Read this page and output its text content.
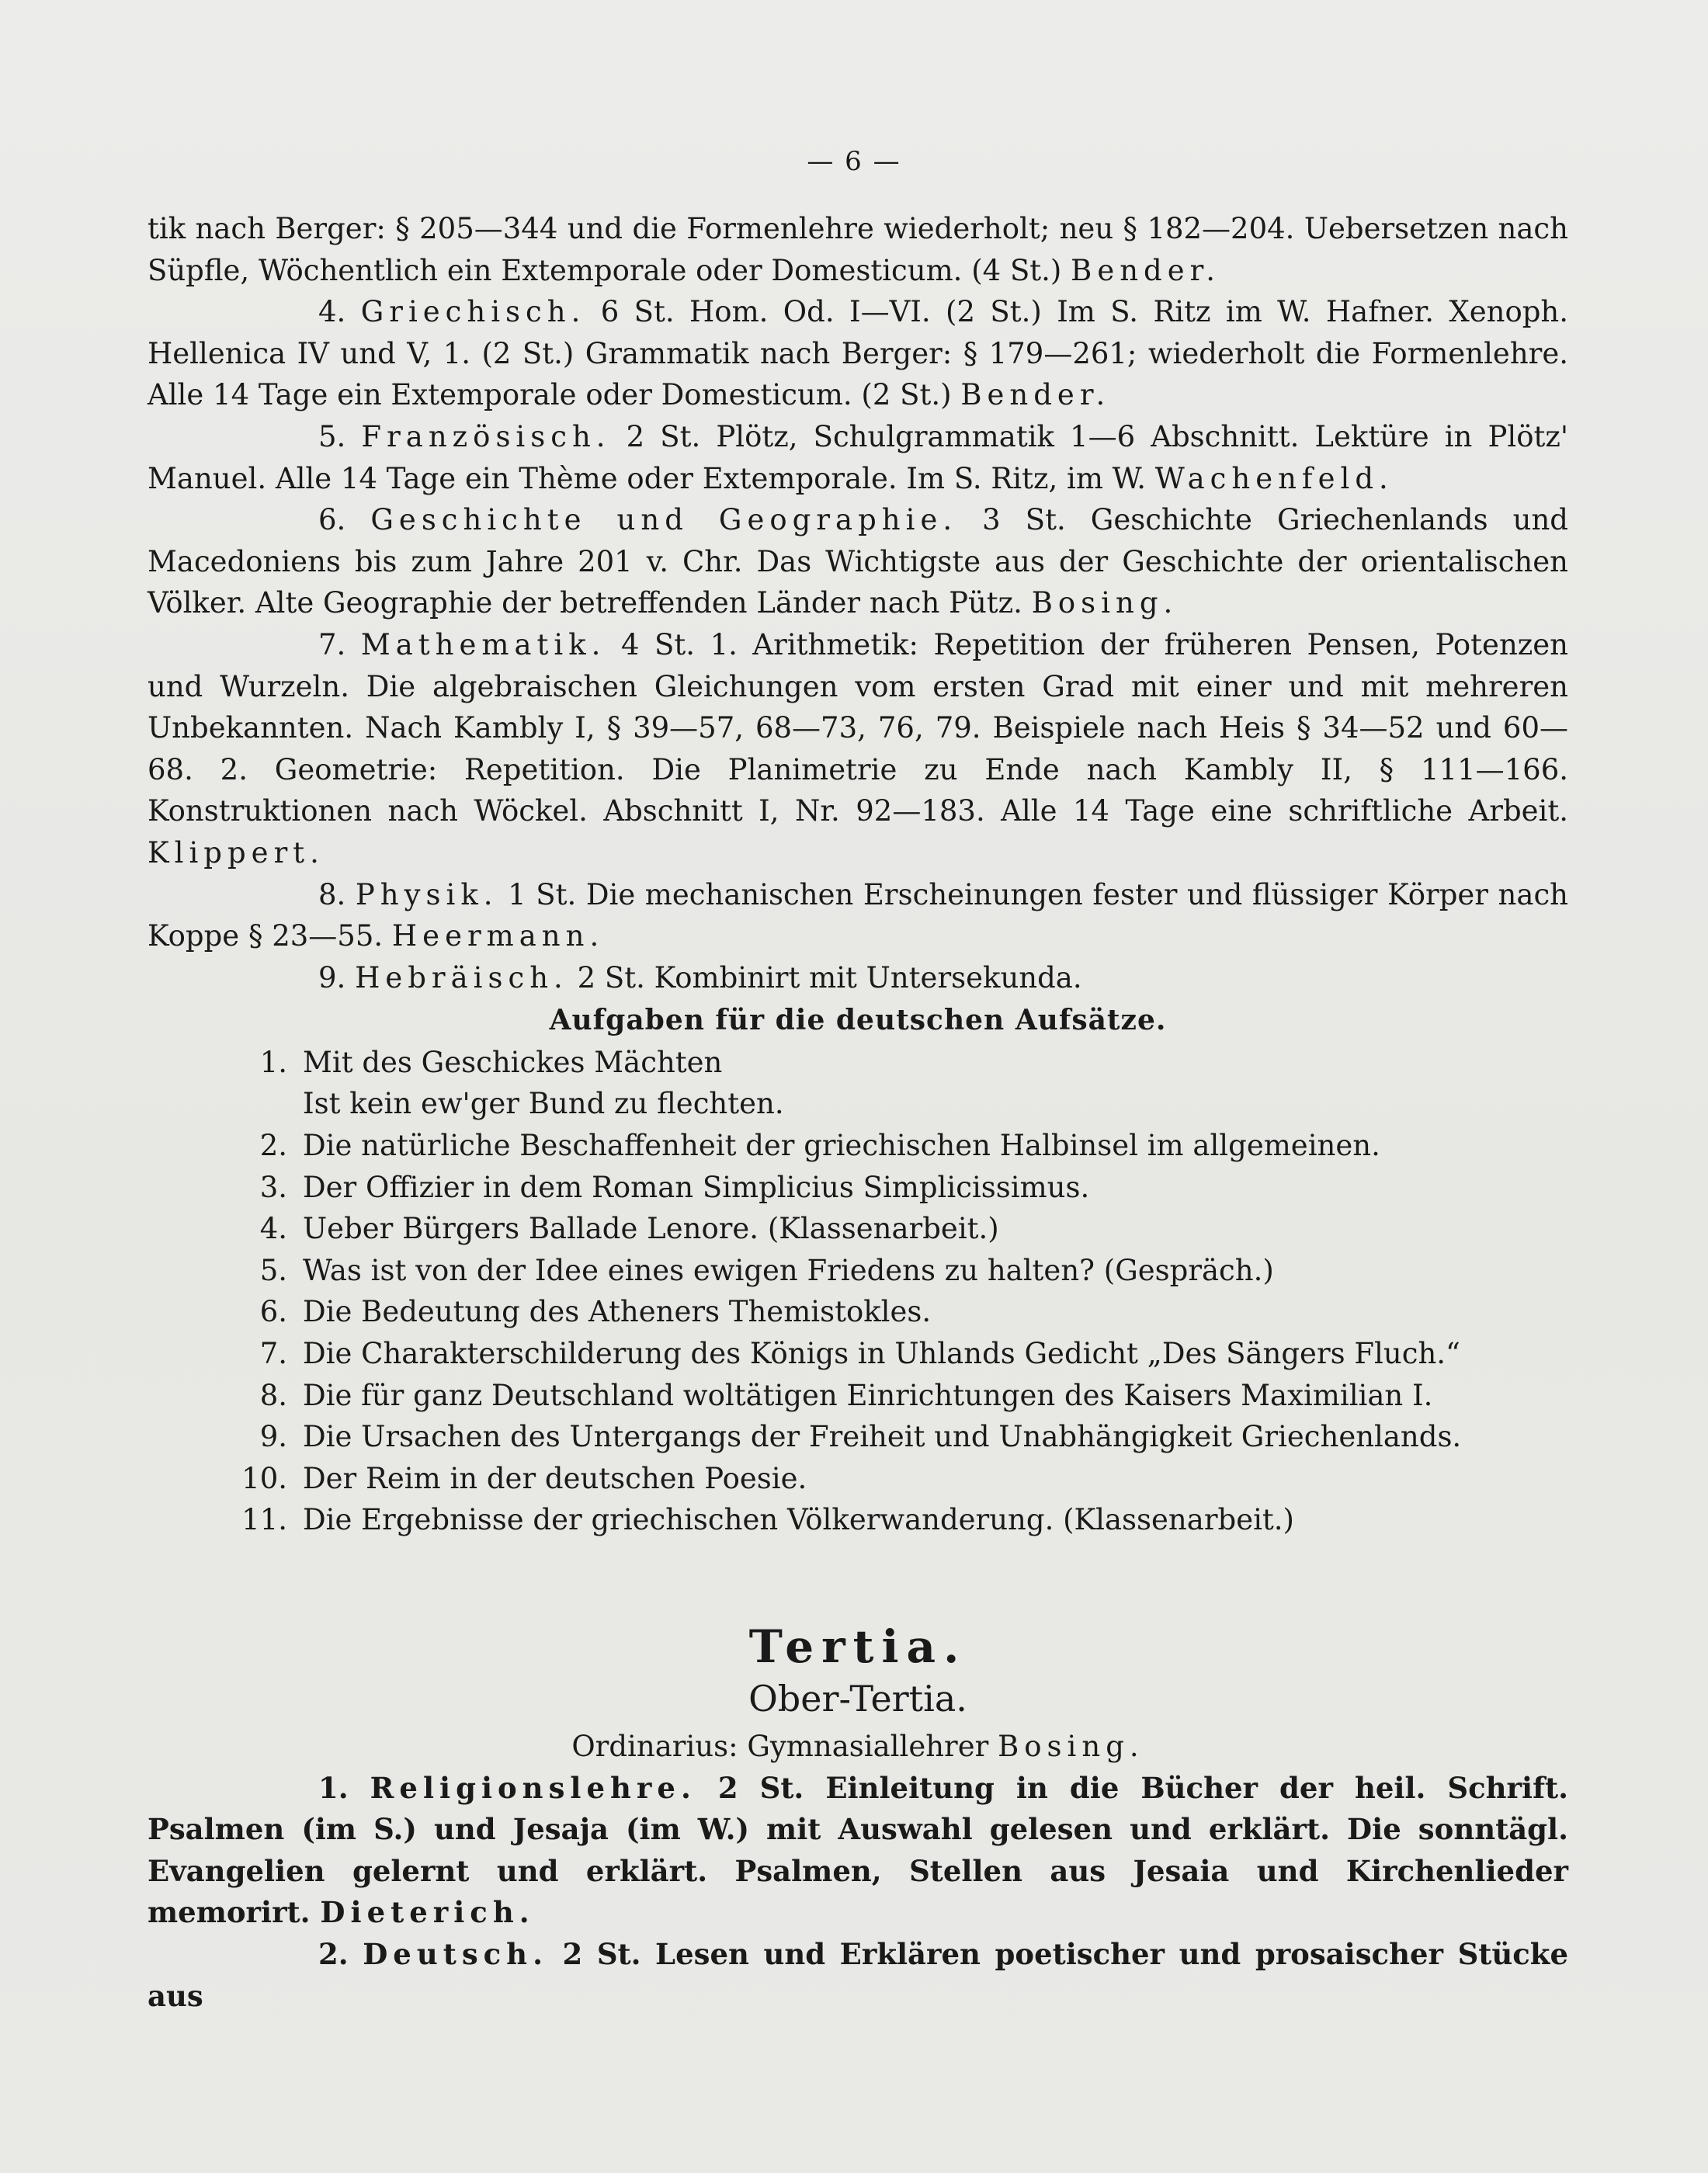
— 6 —

tik nach Berger: § 205—344 und die Formenlehre wiederholt; neu § 182—204. Uebersetzen nach Süpfle, Wöchentlich ein Extemporale oder Domesticum. (4 St.) Bender.

4. Griechisch. 6 St. Hom. Od. I—VI. (2 St.) Im S. Ritz im W. Hafner. Xenoph. Hellenica IV und V, 1. (2 St.) Grammatik nach Berger: § 179—261; wiederholt die Formenlehre. Alle 14 Tage ein Extemporale oder Domesticum. (2 St.) Bender.

5. Französisch. 2 St. Plötz, Schulgrammatik 1—6 Abschnitt. Lektüre in Plötz' Manuel. Alle 14 Tage ein Thème oder Extemporale. Im S. Ritz, im W. Wachenfeld.

6. Geschichte und Geographie. 3 St. Geschichte Griechenlands und Macedoniens bis zum Jahre 201 v. Chr. Das Wichtigste aus der Geschichte der orientalischen Völker. Alte Geographie der betreffenden Länder nach Pütz. Bosing.

7. Mathematik. 4 St. 1. Arithmetik: Repetition der früheren Pensen, Potenzen und Wurzeln. Die algebraischen Gleichungen vom ersten Grad mit einer und mit mehreren Unbekannten. Nach Kambly I, § 39—57, 68—73, 76, 79. Beispiele nach Heis § 34—52 und 60—68. 2. Geometrie: Repetition. Die Planimetrie zu Ende nach Kambly II, § 111—166. Konstruktionen nach Wöckel. Abschnitt I, Nr. 92—183. Alle 14 Tage eine schriftliche Arbeit. Klippert.

8. Physik. 1 St. Die mechanischen Erscheinungen fester und flüssiger Körper nach Koppe § 23—55. Heermann.

9. Hebräisch. 2 St. Kombinirt mit Untersekunda.

Aufgaben für die deutschen Aufsätze.
1. Mit des Geschickes Mächten
Ist kein ew'ger Bund zu flechten.
2. Die natürliche Beschaffenheit der griechischen Halbinsel im allgemeinen.
3. Der Offizier in dem Roman Simplicius Simplicissimus.
4. Ueber Bürgers Ballade Lenore. (Klassenarbeit.)
5. Was ist von der Idee eines ewigen Friedens zu halten? (Gespräch.)
6. Die Bedeutung des Atheners Themistokles.
7. Die Charakterschilderung des Königs in Uhlands Gedicht „Des Sängers Fluch.“
8. Die für ganz Deutschland woltätigen Einrichtungen des Kaisers Maximilian I.
9. Die Ursachen des Untergangs der Freiheit und Unabhängigkeit Griechenlands.
10. Der Reim in der deutschen Poesie.
11. Die Ergebnisse der griechischen Völkerwanderung. (Klassenarbeit.)
Tertia.
Ober-Tertia.
Ordinarius: Gymnasiallehrer Bosing.

1. Religionslehre. 2 St. Einleitung in die Bücher der heil. Schrift. Psalmen (im S.) und Jesaja (im W.) mit Auswahl gelesen und erklärt. Die sonntägl. Evangelien gelernt und erklärt. Psalmen, Stellen aus Jesaia und Kirchenlieder memorirt. Dieterich.

2. Deutsch. 2 St. Lesen und Erklären poetischer und prosaischer Stücke aus
